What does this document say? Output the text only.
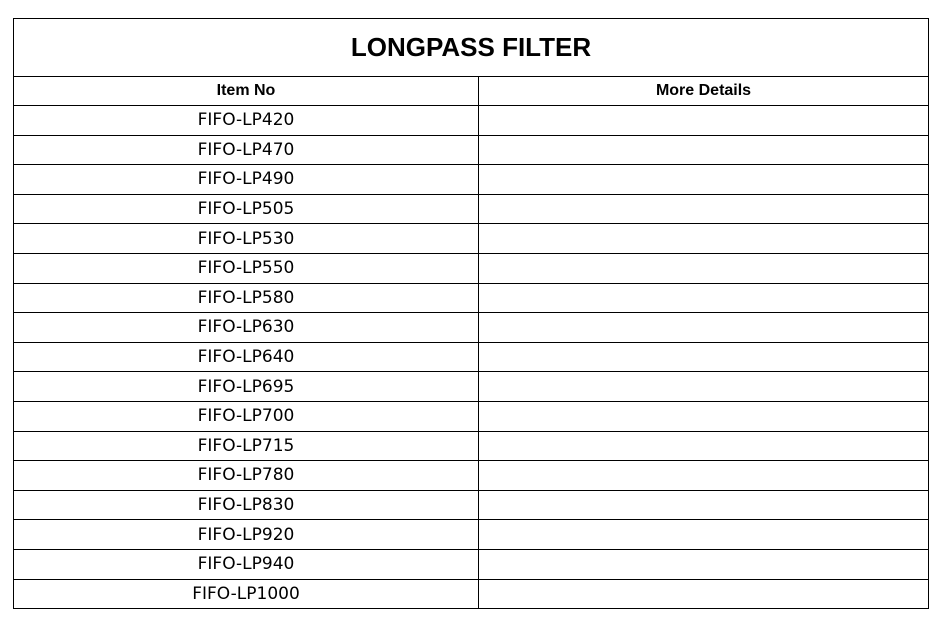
LONGPASS FILTER	
Item No	More Details
FIFO-LP420	
FIFO-LP470	
FIFO-LP490	
FIFO-LP505	
FIFO-LP530	
FIFO-LP550	
FIFO-LP580	
FIFO-LP630	
FIFO-LP640	
FIFO-LP695	
FIFO-LP700	
FIFO-LP715	
FIFO-LP780	
FIFO-LP830	
FIFO-LP920	
FIFO-LP940	
FIFO-LP1000	
